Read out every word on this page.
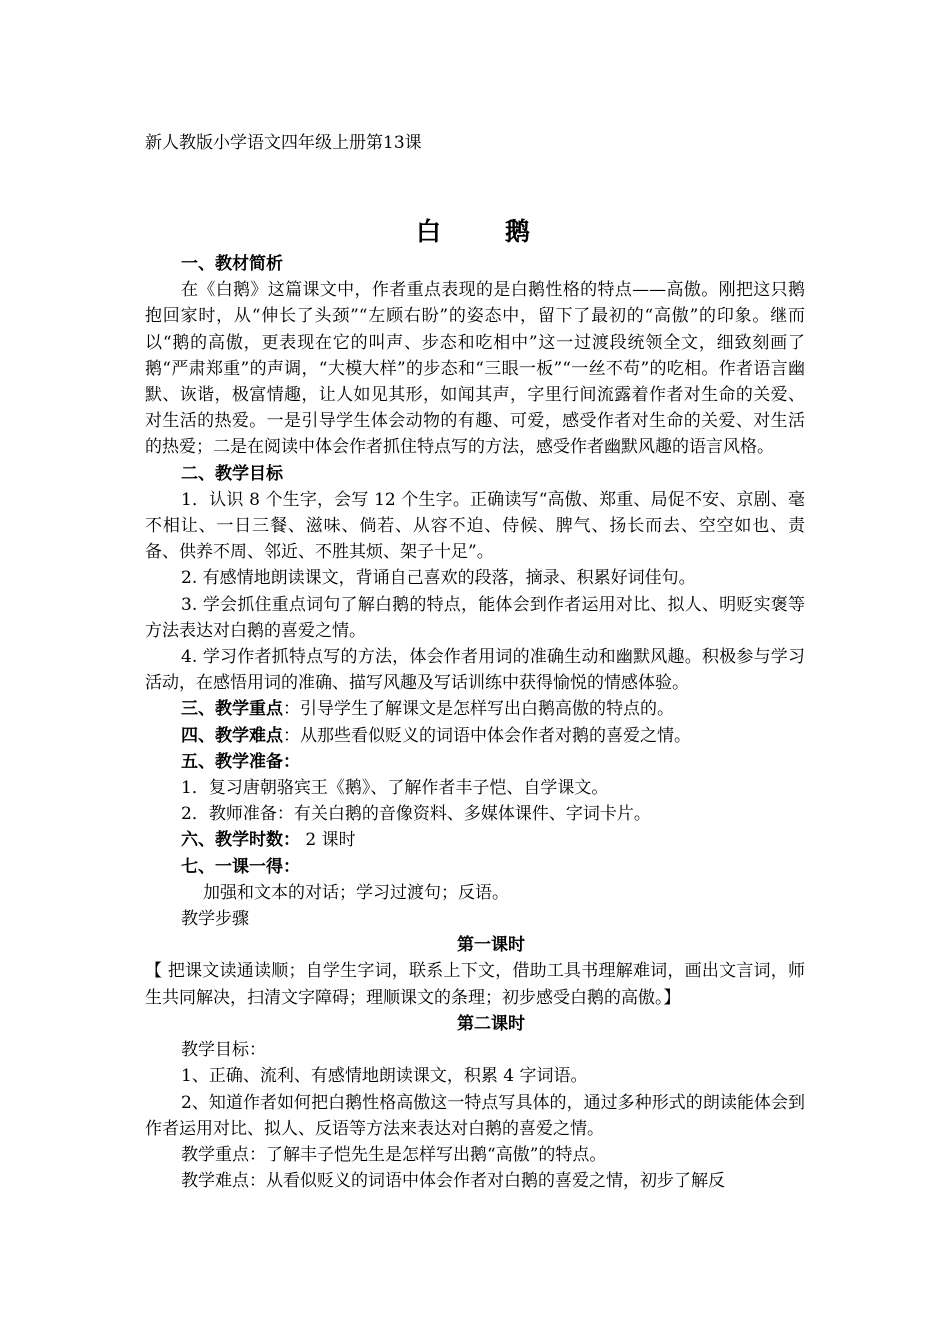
新人教版小学语文四年级上册第13课
白 鹅

一、教材简析

在《白鹅》这篇课文中，作者重点表现的是白鹅性格的特点——高傲。刚把这只鹅抱回家时，从“伸长了头颈”“左顾右盼”的姿态中，留下了最初的“高傲”的印象。继而以“鹅的高傲，更表现在它的叫声、步态和吃相中”这一过渡段统领全文，细致刻画了鹅“严肃郑重”的声调，“大模大样”的步态和“三眼一板”“一丝不苟”的吃相。作者语言幽默、诙谐，极富情趣，让人如见其形，如闻其声，字里行间流露着作者对生命的关爱、对生活的热爱。一是引导学生体会动物的有趣、可爱，感受作者对生命的关爱、对生活的热爱；二是在阅读中体会作者抓住特点写的方法，感受作者幽默风趣的语言风格。

二、教学目标

1．认识 8 个生字，会写 12 个生字。正确读写“高傲、郑重、局促不安、京剧、毫不相让、一日三餐、滋味、倘若、从容不迫、侍候、脾气、扬长而去、空空如也、责备、供养不周、邻近、不胜其烦、架子十足”。

2. 有感情地朗读课文，背诵自己喜欢的段落，摘录、积累好词佳句。

3. 学会抓住重点词句了解白鹅的特点，能体会到作者运用对比、拟人、明贬实褒等方法表达对白鹅的喜爱之情。

4. 学习作者抓特点写的方法，体会作者用词的准确生动和幽默风趣。积极参与学习活动，在感悟用词的准确、描写风趣及写话训练中获得愉悦的情感体验。

三、教学重点：引导学生了解课文是怎样写出白鹅高傲的特点的。

四、教学难点：从那些看似贬义的词语中体会作者对鹅的喜爱之情。

五、教学准备：

1．复习唐朝骆宾王《鹅》、了解作者丰子恺、自学课文。

2．教师准备：有关白鹅的音像资料、多媒体课件、字词卡片。

六、教学时数： 2 课时

七、一课一得：

加强和文本的对话；学习过渡句；反语。

教学步骤

第一课时

【 把课文读通读顺；自学生字词，联系上下文，借助工具书理解难词，画出文言词，师生共同解决，扫清文字障碍；理顺课文的条理；初步感受白鹅的高傲。】

第二课时

教学目标：

1、正确、流利、有感情地朗读课文，积累 4 字词语。

2、知道作者如何把白鹅性格高傲这一特点写具体的，通过多种形式的朗读能体会到作者运用对比、拟人、反语等方法来表达对白鹅的喜爱之情。

教学重点：了解丰子恺先生是怎样写出鹅“高傲”的特点。

教学难点：从看似贬义的词语中体会作者对白鹅的喜爱之情，初步了解反
